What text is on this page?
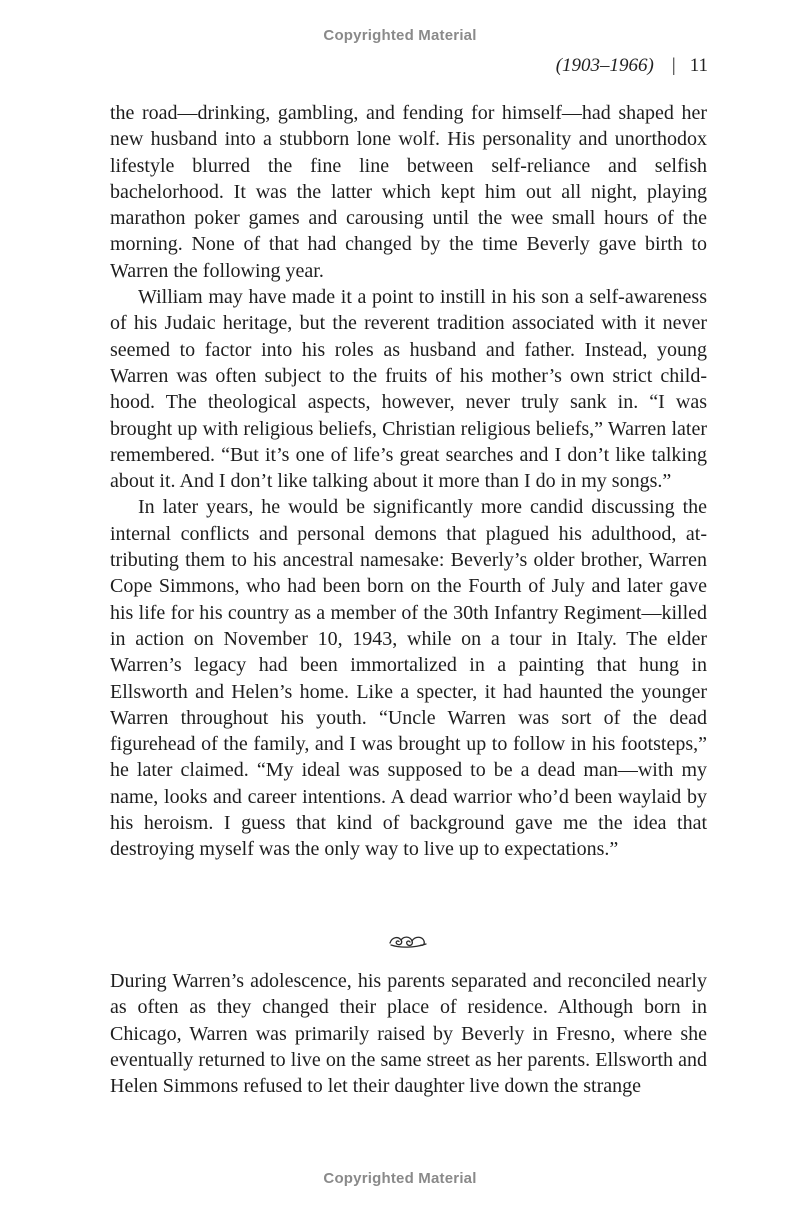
Copyrighted Material
(1903–1966) | 11

the road—drinking, gambling, and fending for himself—had shaped her new husband into a stubborn lone wolf. His personality and unorthodox lifestyle blurred the fine line between self-reliance and selfish bachelorhood. It was the latter which kept him out all night, playing marathon poker games and carousing until the wee small hours of the morning. None of that had changed by the time Beverly gave birth to Warren the following year.

William may have made it a point to instill in his son a self-awareness of his Judaic heritage, but the reverent tradition associated with it never seemed to factor into his roles as husband and father. Instead, young Warren was often subject to the fruits of his mother’s own strict childhood. The theological aspects, however, never truly sank in. “I was brought up with religious beliefs, Christian religious beliefs,” Warren later remembered. “But it’s one of life’s great searches and I don’t like talking about it. And I don’t like talking about it more than I do in my songs.”

In later years, he would be significantly more candid discussing the internal conflicts and personal demons that plagued his adulthood, attributing them to his ancestral namesake: Beverly’s older brother, Warren Cope Simmons, who had been born on the Fourth of July and later gave his life for his country as a member of the 30th Infantry Regiment—killed in action on November 10, 1943, while on a tour in Italy. The elder Warren’s legacy had been immortalized in a painting that hung in Ellsworth and Helen’s home. Like a specter, it had haunted the younger Warren throughout his youth. “Uncle Warren was sort of the dead figurehead of the family, and I was brought up to follow in his footsteps,” he later claimed. “My ideal was supposed to be a dead man—with my name, looks and career intentions. A dead warrior who’d been waylaid by his heroism. I guess that kind of background gave me the idea that destroying myself was the only way to live up to expectations.”

During Warren’s adolescence, his parents separated and reconciled nearly as often as they changed their place of residence. Although born in Chicago, Warren was primarily raised by Beverly in Fresno, where she eventually returned to live on the same street as her parents. Ellsworth and Helen Simmons refused to let their daughter live down the strange

Copyrighted Material
